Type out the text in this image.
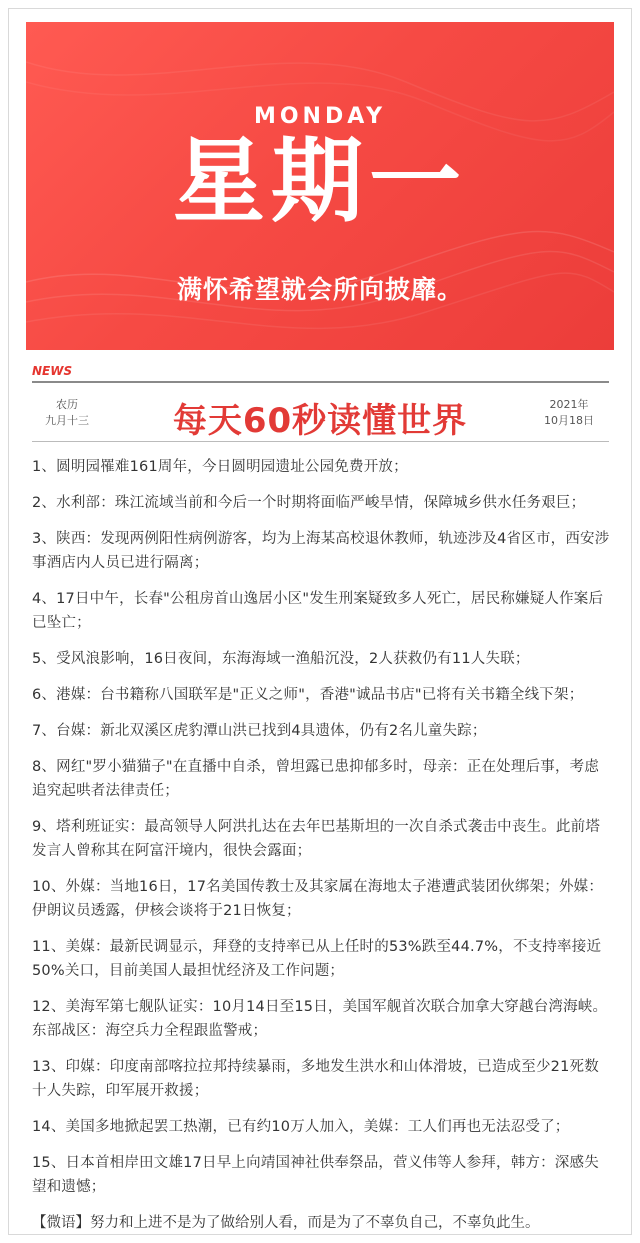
MONDAY
星期一
满怀希望就会所向披靡。
NEWS
农历
九月十三	每天60秒读懂世界	2021年
10月18日
1、圆明园罹难161周年，今日圆明园遗址公园免费开放；
2、水利部：珠江流域当前和今后一个时期将面临严峻旱情，保障城乡供水任务艰巨；
3、陕西：发现两例阳性病例游客，均为上海某高校退休教师，轨迹涉及4省区市，西安涉事酒店内人员已进行隔离；
4、17日中午，长春"公租房首山逸居小区"发生刑案疑致多人死亡，居民称嫌疑人作案后已坠亡；
5、受风浪影响，16日夜间，东海海域一渔船沉没，2人获救仍有11人失联；
6、港媒：台书籍称八国联军是"正义之师"，香港"诚品书店"已将有关书籍全线下架；
7、台媒：新北双溪区虎豹潭山洪已找到4具遗体，仍有2名儿童失踪；
8、网红"罗小猫猫子"在直播中自杀，曾坦露已患抑郁多时，母亲：正在处理后事，考虑追究起哄者法律责任；
9、塔利班证实：最高领导人阿洪扎达在去年巴基斯坦的一次自杀式袭击中丧生。此前塔发言人曾称其在阿富汗境内，很快会露面；
10、外媒：当地16日，17名美国传教士及其家属在海地太子港遭武装团伙绑架；外媒：伊朗议员透露，伊核会谈将于21日恢复；
11、美媒：最新民调显示，拜登的支持率已从上任时的53%跌至44.7%，不支持率接近50%关口，目前美国人最担忧经济及工作问题；
12、美海军第七舰队证实：10月14日至15日，美国军舰首次联合加拿大穿越台湾海峡。东部战区：海空兵力全程跟监警戒；
13、印媒：印度南部喀拉拉邦持续暴雨，多地发生洪水和山体滑坡，已造成至少21死数十人失踪，印军展开救援；
14、美国多地掀起罢工热潮，已有约10万人加入，美媒：工人们再也无法忍受了；
15、日本首相岸田文雄17日早上向靖国神社供奉祭品，菅义伟等人参拜，韩方：深感失望和遗憾；
【微语】努力和上进不是为了做给别人看，而是为了不辜负自己，不辜负此生。
